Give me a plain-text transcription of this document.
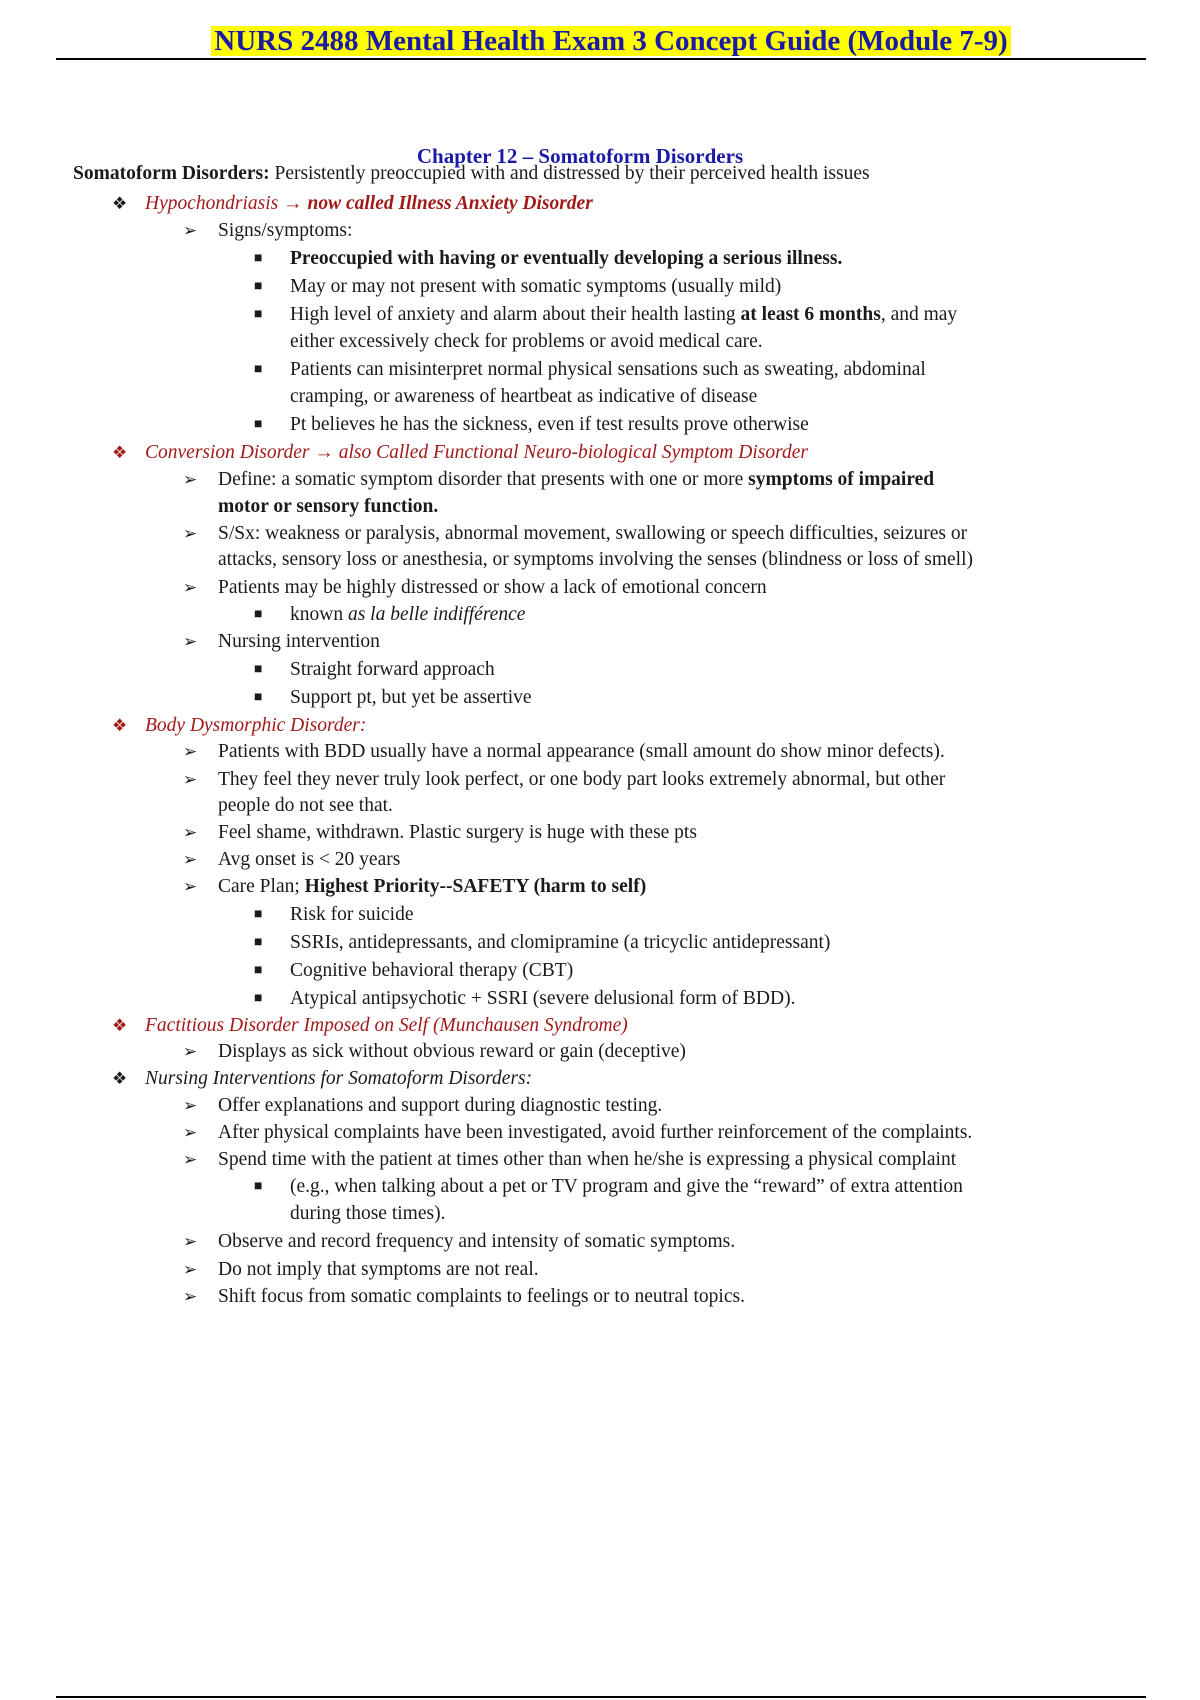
NURS 2488 Mental Health Exam 3 Concept Guide (Module 7-9)
Chapter 12 – Somatoform Disorders
Somatoform Disorders: Persistently preoccupied with and distressed by their perceived health issues
❖ Hypochondriasis → now called Illness Anxiety Disorder
➢ Signs/symptoms:
■ Preoccupied with having or eventually developing a serious illness.
■ May or may not present with somatic symptoms (usually mild)
■ High level of anxiety and alarm about their health lasting at least 6 months, and may
either excessively check for problems or avoid medical care.
■ Patients can misinterpret normal physical sensations such as sweating, abdominal
cramping, or awareness of heartbeat as indicative of disease
■ Pt believes he has the sickness, even if test results prove otherwise
❖ Conversion Disorder → also Called Functional Neuro-biological Symptom Disorder
➢ Define: a somatic symptom disorder that presents with one or more symptoms of impaired
motor or sensory function.
➢ S/Sx: weakness or paralysis, abnormal movement, swallowing or speech difficulties, seizures or
attacks, sensory loss or anesthesia, or symptoms involving the senses (blindness or loss of smell)
➢ Patients may be highly distressed or show a lack of emotional concern
■ known as la belle indifférence
➢ Nursing intervention
■ Straight forward approach
■ Support pt, but yet be assertive
❖ Body Dysmorphic Disorder:
➢ Patients with BDD usually have a normal appearance (small amount do show minor defects).
➢ They feel they never truly look perfect, or one body part looks extremely abnormal, but other
people do not see that.
➢ Feel shame, withdrawn. Plastic surgery is huge with these pts
➢ Avg onset is < 20 years
➢ Care Plan; Highest Priority--SAFETY (harm to self)
■ Risk for suicide
■ SSRIs, antidepressants, and clomipramine (a tricyclic antidepressant)
■ Cognitive behavioral therapy (CBT)
■ Atypical antipsychotic + SSRI (severe delusional form of BDD).
❖ Factitious Disorder Imposed on Self (Munchausen Syndrome)
➢ Displays as sick without obvious reward or gain (deceptive)
❖ Nursing Interventions for Somatoform Disorders:
➢ Offer explanations and support during diagnostic testing.
➢ After physical complaints have been investigated, avoid further reinforcement of the complaints.
➢ Spend time with the patient at times other than when he/she is expressing a physical complaint
■ (e.g., when talking about a pet or TV program and give the “reward” of extra attention
during those times).
➢ Observe and record frequency and intensity of somatic symptoms.
➢ Do not imply that symptoms are not real.
➢ Shift focus from somatic complaints to feelings or to neutral topics.
